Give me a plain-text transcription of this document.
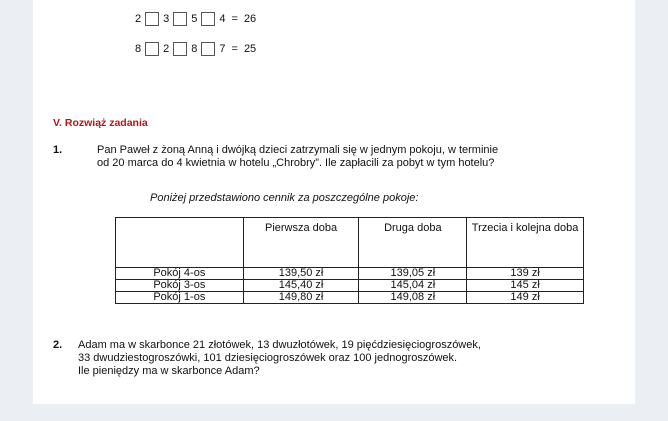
2 3 5 4 = 26
8 2 8 7 = 25
V. Rozwiąż zadania
1.	Pan Paweł z żoną Anną i dwójką dzieci zatrzymali się w jednym pokoju, w terminie
od 20 marca do 4 kwietnia w hotelu „Chrobry”. Ile zapłacili za pobyt w tym hotelu?
Poniżej przedstawiono cennik za poszczególne pokoje:
	Pierwsza doba	Druga doba	Trzecia i kolejna doba
Pokój 4-os	139,50 zł	139,05 zł	139 zł
Pokój 3-os	145,40 zł	145,04 zł	145 zł
Pokój 1-os	149,80 zł	149,08 zł	149 zł
2. Adam ma w skarbonce 21 złotówek, 13 dwuzłotówek, 19 pięćdziesięciogroszówek,
33 dwudziestogroszówki, 101 dziesięciogroszówek oraz 100 jednogroszówek.
Ile pieniędzy ma w skarbonce Adam?
